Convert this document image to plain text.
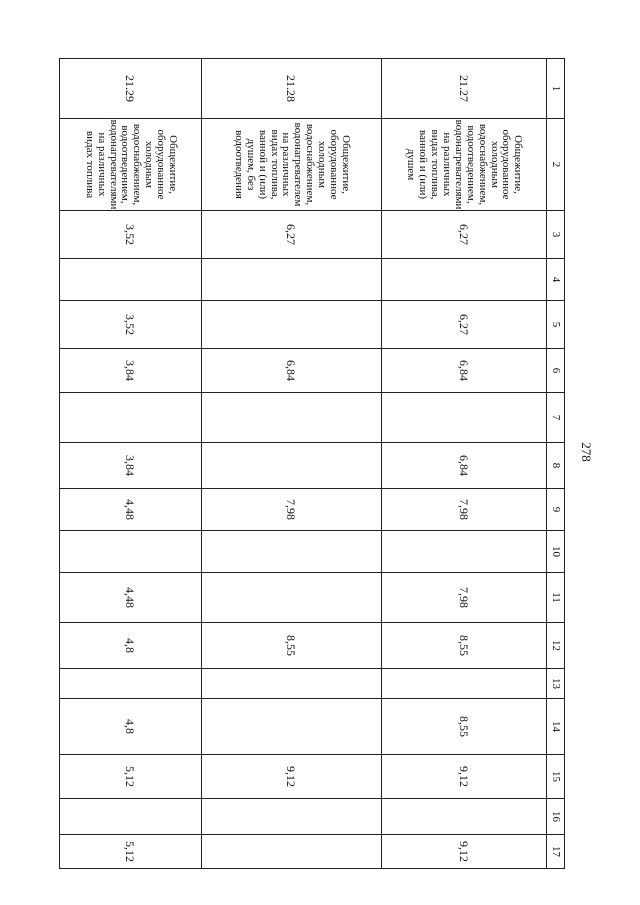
278
1	2	3	4	5	6	7	8	9	10	11	12	13	14	15	16	17
21.27	Общежитие, оборудованное холодным водоснабжением, водоотведением, водонагревателями на различных видах топлива, ванной и (или) душем	6,27		6,27	6,84		6,84	7,98		7,98	8,55		8,55	9,12		9,12
21.28	Общежитие, оборудованное холодным водоснабжением, водонагревателем на различных видах топлива, ванной и (или) душем, без водоотведения	6,27			6,84			7,98			8,55			9,12		
21.29	Общежитие, оборудованное холодным водоснабжением, водоотведением, водонагревателями на различных видах топлива	3,52		3,52	3,84		3,84	4,48		4,48	4,8		4,8	5,12		5,12
